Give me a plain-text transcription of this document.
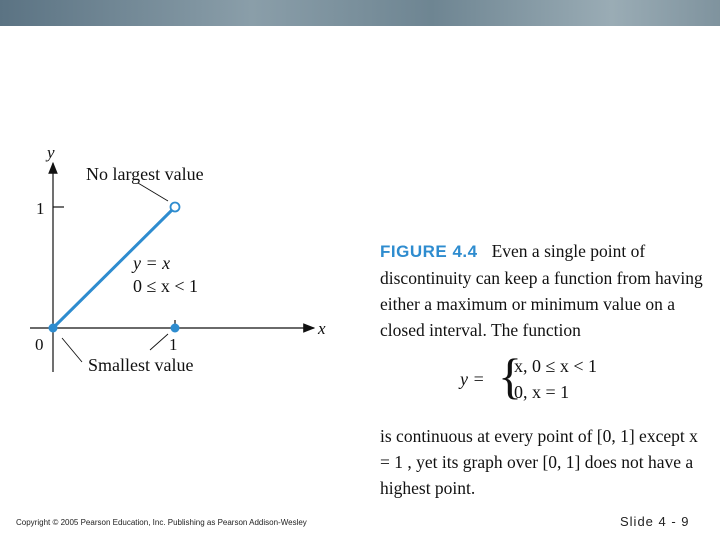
y
x
1
0	1
No largest value
Smallest value
y = x
0 ≤ x < 1
FIGURE 4.4 Even a single point of discontinuity can keep a function from having either a maximum or minimum value on a closed interval. The function
y = {
x, 0 ≤ x < 1
0, x = 1
is continuous at every point of [0, 1] except x = 1 , yet its graph over [0, 1] does not have a highest point.
Copyright © 2005 Pearson Education, Inc. Publishing as Pearson Addison-Wesley	Slide 4 - 9
